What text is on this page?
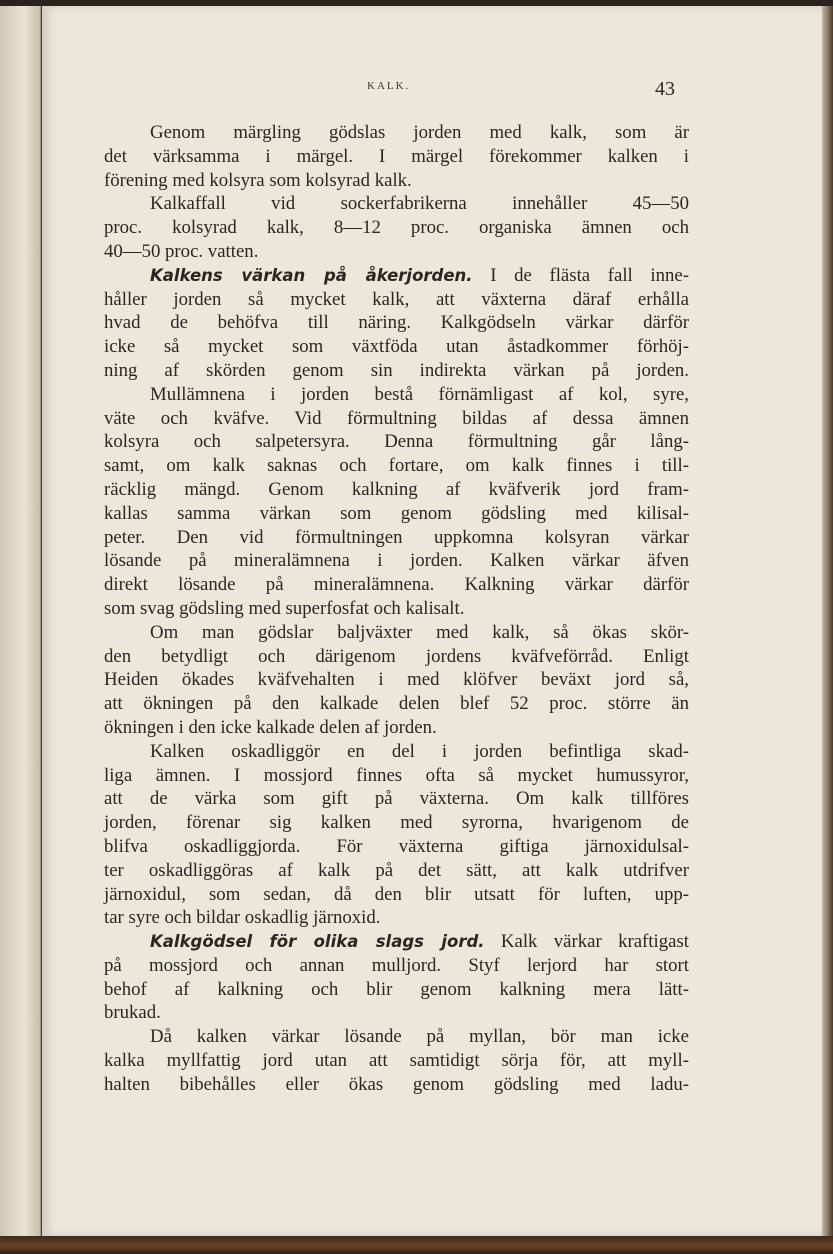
KALK.	43
Genom märgling gödslas jorden med kalk, som är
det värksamma i märgel. I märgel förekommer kalken i
förening med kolsyra som kolsyrad kalk.
Kalkaffall vid sockerfabrikerna innehåller 45—50
proc. kolsyrad kalk, 8—12 proc. organiska ämnen och
40—50 proc. vatten.
Kalkens värkan på åkerjorden. I de flästa fall inne-
håller jorden så mycket kalk, att växterna däraf erhålla
hvad de behöfva till näring. Kalkgödseln värkar därför
icke så mycket som växtföda utan åstadkommer förhöj-
ning af skörden genom sin indirekta värkan på jorden.
Mullämnena i jorden bestå förnämligast af kol, syre,
väte och kväfve. Vid förmultning bildas af dessa ämnen
kolsyra och salpetersyra. Denna förmultning går lång-
samt, om kalk saknas och fortare, om kalk finnes i till-
räcklig mängd. Genom kalkning af kväfverik jord fram-
kallas samma värkan som genom gödsling med kilisal-
peter. Den vid förmultningen uppkomna kolsyran värkar
lösande på mineralämnena i jorden. Kalken värkar äfven
direkt lösande på mineralämnena. Kalkning värkar därför
som svag gödsling med superfosfat och kalisalt.
Om man gödslar baljväxter med kalk, så ökas skör-
den betydligt och därigenom jordens kväfveförråd. Enligt
Heiden ökades kväfvehalten i med klöfver beväxt jord så,
att ökningen på den kalkade delen blef 52 proc. större än
ökningen i den icke kalkade delen af jorden.
Kalken oskadliggör en del i jorden befintliga skad-
liga ämnen. I mossjord finnes ofta så mycket humussyror,
att de värka som gift på växterna. Om kalk tillföres
jorden, förenar sig kalken med syrorna, hvarigenom de
blifva oskadliggjorda. För växterna giftiga järnoxidulsal-
ter oskadliggöras af kalk på det sätt, att kalk utdrifver
järnoxidul, som sedan, då den blir utsatt för luften, upp-
tar syre och bildar oskadlig järnoxid.
Kalkgödsel för olika slags jord. Kalk värkar kraftigast
på mossjord och annan mulljord. Styf lerjord har stort
behof af kalkning och blir genom kalkning mera lätt-
brukad.
Då kalken värkar lösande på myllan, bör man icke
kalka myllfattig jord utan att samtidigt sörja för, att myll-
halten bibehålles eller ökas genom gödsling med ladu-
